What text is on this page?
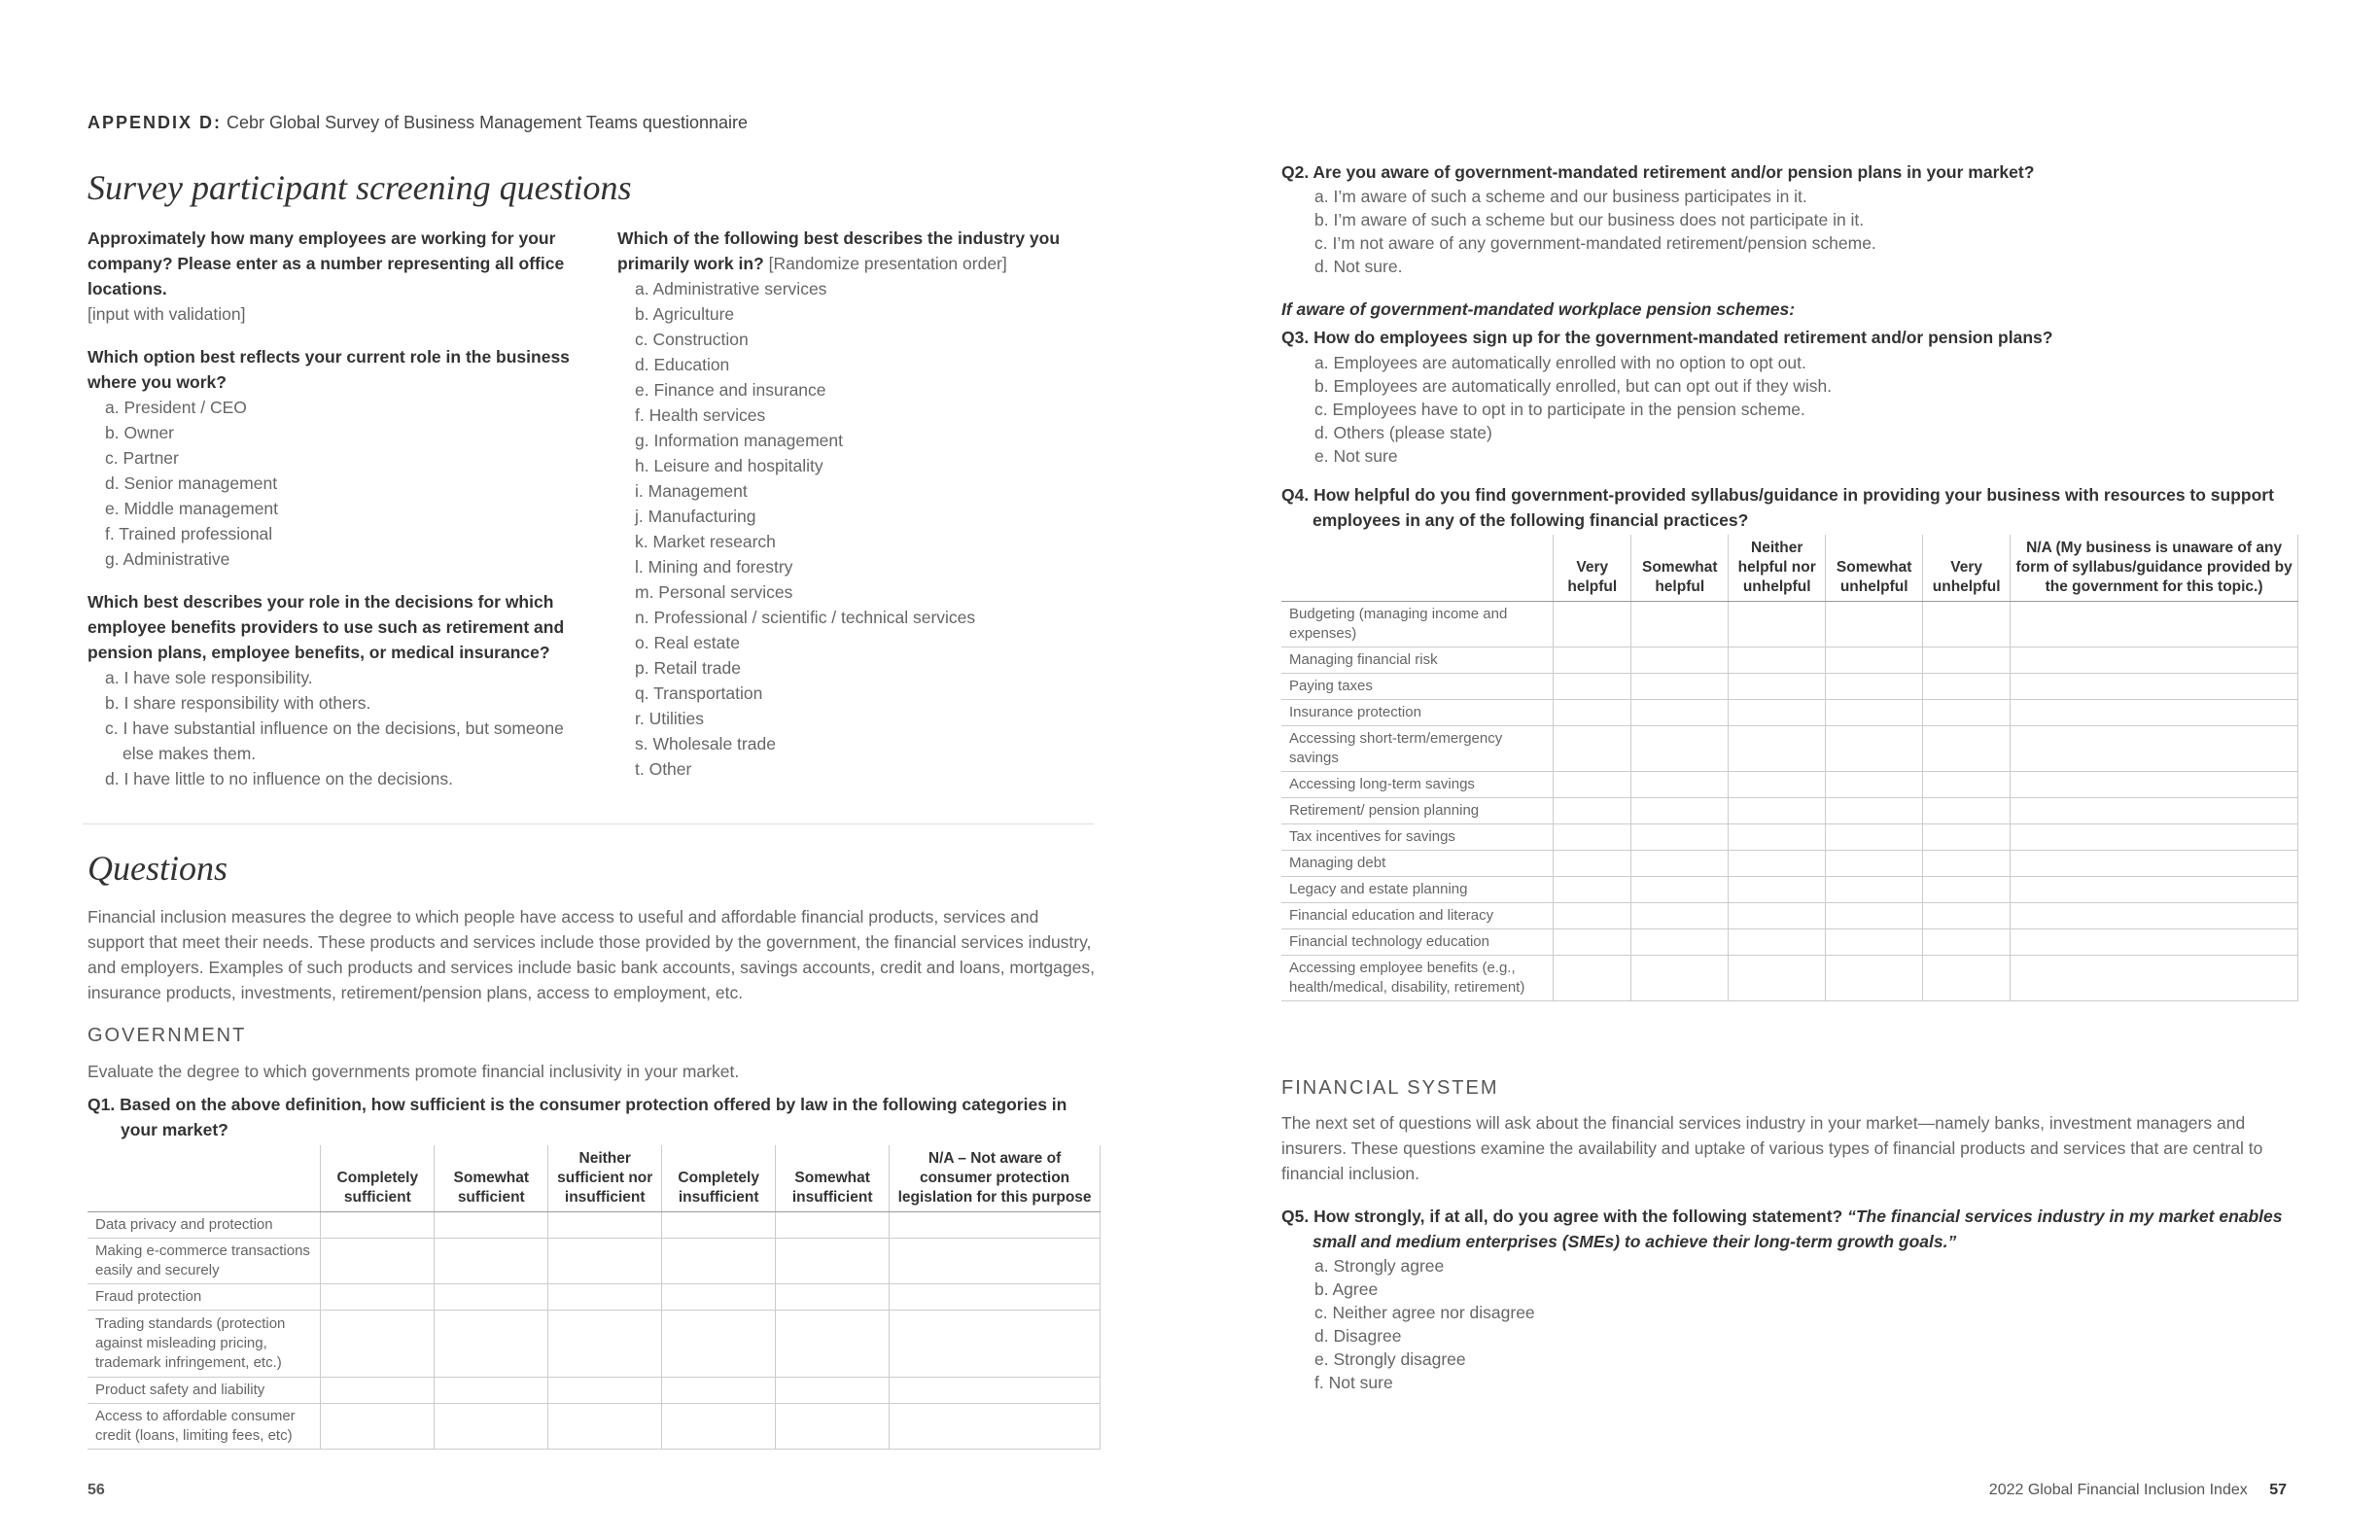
APPENDIX D: Cebr Global Survey of Business Management Teams questionnaire
Survey participant screening questions
Approximately how many employees are working for your company? Please enter as a number representing all office locations.
[input with validation]
Which option best reflects your current role in the business where you work?
a. President / CEO
b. Owner
c. Partner
d. Senior management
e. Middle management
f. Trained professional
g. Administrative
Which best describes your role in the decisions for which employee benefits providers to use such as retirement and pension plans, employee benefits, or medical insurance?
a. I have sole responsibility.
b. I share responsibility with others.
c. I have substantial influence on the decisions, but someone else makes them.
d. I have little to no influence on the decisions.
Which of the following best describes the industry you primarily work in? [Randomize presentation order]
a. Administrative services
b. Agriculture
c. Construction
d. Education
e. Finance and insurance
f. Health services
g. Information management
h. Leisure and hospitality
i. Management
j. Manufacturing
k. Market research
l. Mining and forestry
m. Personal services
n. Professional / scientific / technical services
o. Real estate
p. Retail trade
q. Transportation
r. Utilities
s. Wholesale trade
t. Other
Questions
Financial inclusion measures the degree to which people have access to useful and affordable financial products, services and support that meet their needs. These products and services include those provided by the government, the financial services industry, and employers. Examples of such products and services include basic bank accounts, savings accounts, credit and loans, mortgages, insurance products, investments, retirement/pension plans, access to employment, etc.
GOVERNMENT
Evaluate the degree to which governments promote financial inclusivity in your market.
Q1. Based on the above definition, how sufficient is the consumer protection offered by law in the following categories in your market?
	Completely sufficient	Somewhat sufficient	Neither sufficient nor insufficient	Completely insufficient	Somewhat insufficient	N/A – Not aware of consumer protection legislation for this purpose
Data privacy and protection						
Making e-commerce transactions easily and securely						
Fraud protection						
Trading standards (protection against misleading pricing, trademark infringement, etc.)						
Product safety and liability						
Access to affordable consumer credit (loans, limiting fees, etc)						
Q2. Are you aware of government-mandated retirement and/or pension plans in your market?
a. I’m aware of such a scheme and our business participates in it.
b. I’m aware of such a scheme but our business does not participate in it.
c. I’m not aware of any government-mandated retirement/pension scheme.
d. Not sure.
If aware of government-mandated workplace pension schemes:
Q3. How do employees sign up for the government-mandated retirement and/or pension plans?
a. Employees are automatically enrolled with no option to opt out.
b. Employees are automatically enrolled, but can opt out if they wish.
c. Employees have to opt in to participate in the pension scheme.
d. Others (please state)
e. Not sure
Q4. How helpful do you find government-provided syllabus/guidance in providing your business with resources to support employees in any of the following financial practices?
	Very helpful	Somewhat helpful	Neither helpful nor unhelpful	Somewhat unhelpful	Very unhelpful	N/A (My business is unaware of any form of syllabus/guidance provided by the government for this topic.)
Budgeting (managing income and expenses)						
Managing financial risk						
Paying taxes						
Insurance protection						
Accessing short-term/emergency savings						
Accessing long-term savings						
Retirement/ pension planning						
Tax incentives for savings						
Managing debt						
Legacy and estate planning						
Financial education and literacy						
Financial technology education						
Accessing employee benefits (e.g., health/medical, disability, retirement)						
FINANCIAL SYSTEM
The next set of questions will ask about the financial services industry in your market—namely banks, investment managers and insurers. These questions examine the availability and uptake of various types of financial products and services that are central to financial inclusion.
Q5. How strongly, if at all, do you agree with the following statement? “The financial services industry in my market enables small and medium enterprises (SMEs) to achieve their long-term growth goals.”
a. Strongly agree
b. Agree
c. Neither agree nor disagree
d. Disagree
e. Strongly disagree
f. Not sure
56	2022 Global Financial Inclusion Index 57
